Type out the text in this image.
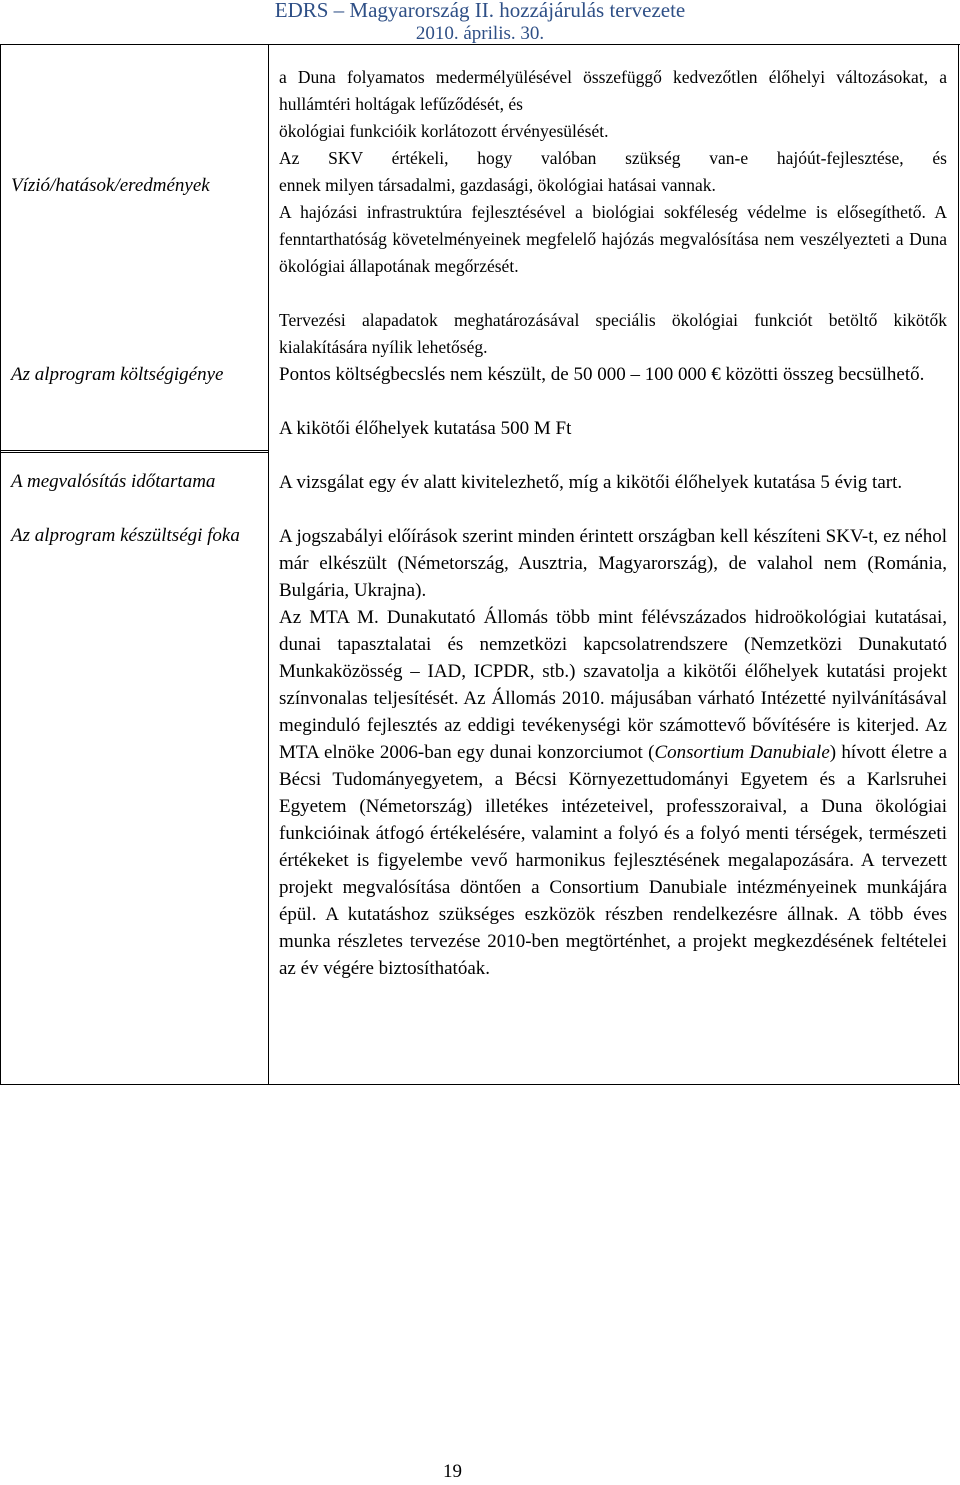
EDRS – Magyarország II. hozzájárulás tervezete
2010. április. 30.
Vízió/hatások/eredmények
Az alprogram költségigénye
A megvalósítás időtartama
Az alprogram készültségi foka

a Duna folyamatos medermélyülésével összefüggő kedvezőtlen élőhelyi változásokat, a hullámtéri holtágak lefűződését, és

ökológiai funkcióik korlátozott érvényesülését.

Az SKV értékeli, hogy valóban szükség van-e hajóút-fejlesztése, és

ennek milyen társadalmi, gazdasági, ökológiai hatásai vannak.

A hajózási infrastruktúra fejlesztésével a biológiai sokféleség védelme is elősegíthető. A fenntarthatóság követelményeinek megfelelő hajózás megvalósítása nem veszélyezteti a Duna ökológiai állapotának megőrzését.

Tervezési alapadatok meghatározásával speciális ökológiai funkciót betöltő kikötők kialakítására nyílik lehetőség.

Pontos költségbecslés nem készült, de 50 000 – 100 000 € közötti összeg becsülhető.

A kikötői élőhelyek kutatása 500 M Ft

A vizsgálat egy év alatt kivitelezhető, míg a kikötői élőhelyek kutatása 5 évig tart.

A jogszabályi előírások szerint minden érintett országban kell készíteni SKV-t, ez néhol már elkészült (Németország, Ausztria, Magyarország), de valahol nem (Románia, Bulgária, Ukrajna).

Az MTA M. Dunakutató Állomás több mint félévszázados hidroökológiai kutatásai, dunai tapasztalatai és nemzetközi kapcsolatrendszere (Nemzetközi Dunakutató Munkaközösség – IAD, ICPDR, stb.) szavatolja a kikötői élőhelyek kutatási projekt színvonalas teljesítését. Az Állomás 2010. májusában várható Intézetté nyilvánításával meginduló fejlesztés az eddigi tevékenységi kör számottevő bővítésére is kiterjed. Az MTA elnöke 2006-ban egy dunai konzorciumot (Consortium Danubiale) hívott életre a Bécsi Tudományegyetem, a Bécsi Környezettudományi Egyetem és a Karlsruhei Egyetem (Németország) illetékes intézeteivel, professzoraival, a Duna ökológiai funkcióinak átfogó értékelésére, valamint a folyó és a folyó menti térségek, természeti értékeket is figyelembe vevő harmonikus fejlesztésének megalapozására. A tervezett projekt megvalósítása döntően a Consortium Danubiale intézményeinek munkájára épül. A kutatáshoz szükséges eszközök részben rendelkezésre állnak. A több éves munka részletes tervezése 2010-ben megtörténhet, a projekt megkezdésének feltételei az év végére biztosíthatóak.

19
